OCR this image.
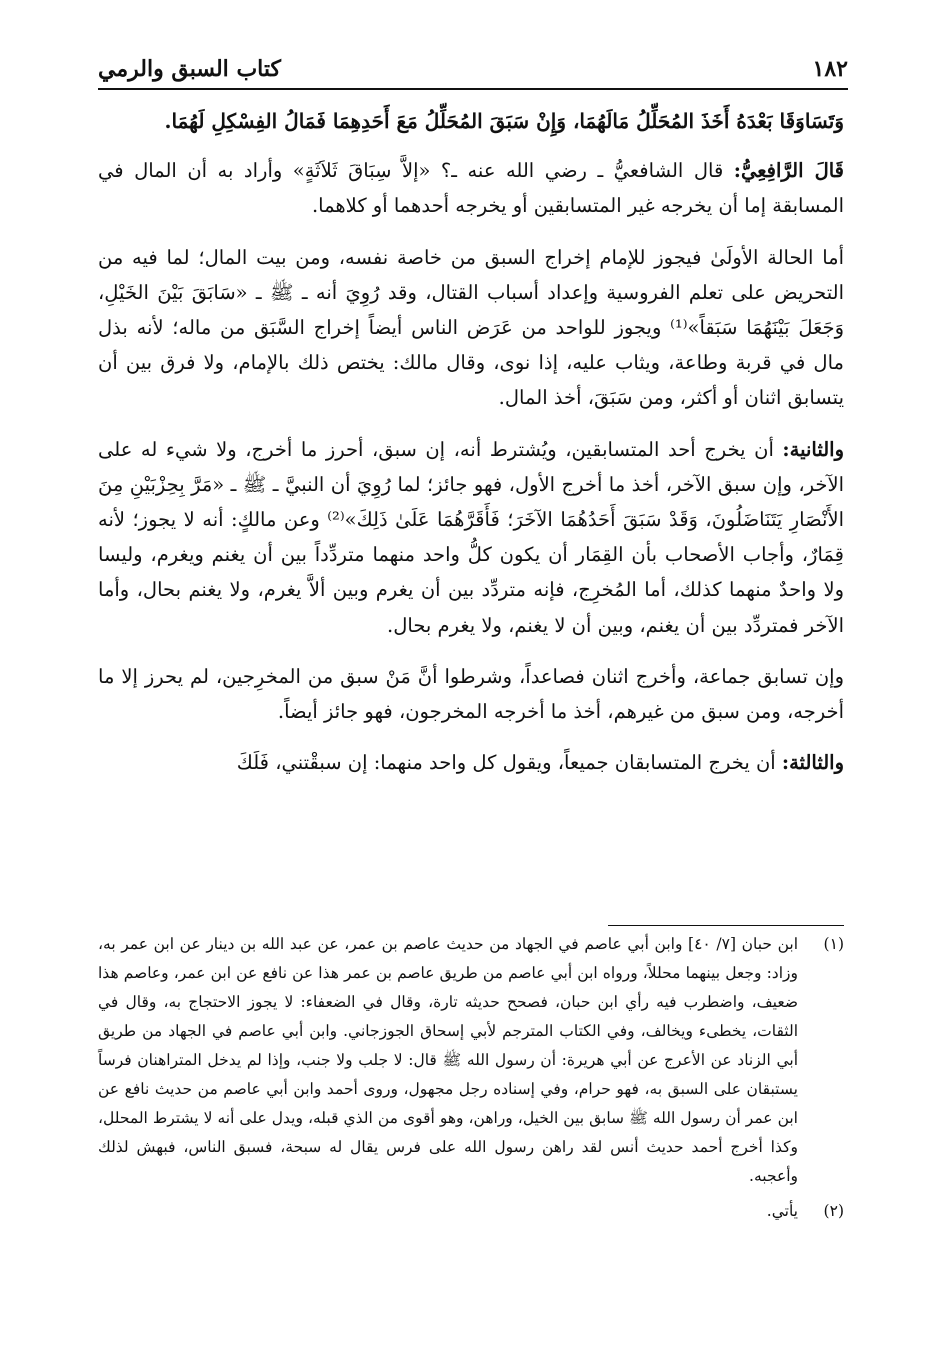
١٨٢
كتاب السبق والرمي

وَتَسَاوَقَا بَعْدَهُ أَخَذَ المُحَلِّلُ مَالَهُمَا، وَإِنْ سَبَقَ المُحَلِّلُ مَعَ أَحَدِهِمَا فَمَالُ الفِسْكِلِ لَهُمَا.

قَالَ الرَّافِعِيُّ: قال الشافعيُّ ـ رضي الله عنه ـ؟ «إلاَّ سِبَاقَ ثَلاَثَةٍ» وأراد به أن المال في المسابقة إما أن يخرجه غير المتسابقين أو يخرجه أحدهما أو كلاهما.

أما الحالة الأولَىٰ فيجوز للإمام إخراج السبق من خاصة نفسه، ومن بيت المال؛ لما فيه من التحريض على تعلم الفروسية وإعداد أسباب القتال، وقد رُوِيَ أنه ـ ﷺ ـ «سَابَقَ بَيْنَ الخَيْلِ، وَجَعَلَ بَيْنَهُمَا سَبَقاً»⁽¹⁾ ويجوز للواحد من عَرَض الناس أيضاً إخراج السَّبَق من ماله؛ لأنه بذل مال في قربة وطاعة، ويثاب عليه، إذا نوى، وقال مالك: يختص ذلك بالإمام، ولا فرق بين أن يتسابق اثنان أو أكثر، ومن سَبَقَ، أخذ المال.

والثانية: أن يخرج أحد المتسابقين، ويُشترط أنه، إن سبق، أحرز ما أخرج، ولا شيء له على الآخر، وإن سبق الآخر، أخذ ما أخرج الأول، فهو جائز؛ لما رُوِيَ أن النبيَّ ـ ﷺ ـ «مَرَّ بِحِزْبَيْنِ مِنَ الأَنْصَارِ يَتَنَاضَلُونَ، وَقَدْ سَبَقَ أَحَدُهُمَا الآخَرَ؛ فَأَقَرَّهُمَا عَلَىٰ ذَلِكَ»⁽²⁾ وعن مالكٍ: أنه لا يجوز؛ لأنه قِمَارٌ، وأجاب الأصحاب بأن القِمَار أن يكون كلُّ واحد منهما متردِّداً بين أن يغنم ويغرم، وليسا ولا واحدٌ منهما كذلك، أما المُخرِج، فإنه متردِّد بين أن يغرم وبين ألاَّ يغرم، ولا يغنم بحال، وأما الآخر فمتردِّد بين أن يغنم، وبين أن لا يغنم، ولا يغرم بحال.

وإن تسابق جماعة، وأخرج اثنان فصاعداً، وشرطوا أنَّ مَنْ سبق من المخرِجين، لم يحرز إلا ما أخرجه، ومن سبق من غيرهم، أخذ ما أخرجه المخرجون، فهو جائز أيضاً.

والثالثة: أن يخرج المتسابقان جميعاً، ويقول كل واحد منهما: إن سبقْتني، فَلَكَ

(١)
ابن حبان [٧/ ٤٠] وابن أبي عاصم في الجهاد من حديث عاصم بن عمر، عن عبد الله بن دينار عن ابن عمر به، وزاد: وجعل بينهما محللاً، ورواه ابن أبي عاصم من طريق عاصم بن عمر هذا عن نافع عن ابن عمر، وعاصم هذا ضعيف، واضطرب فيه رأي ابن حبان، فصحح حديثه تارة، وقال في الضعفاء: لا يجوز الاحتجاج به، وقال في الثقات، يخطىء ويخالف، وفي الكتاب المترجم لأبي إسحاق الجوزجاني. وابن أبي عاصم في الجهاد من طريق أبي الزناد عن الأعرج عن أبي هريرة: أن رسول الله ﷺ قال: لا جلب ولا جنب، وإذا لم يدخل المتراهنان فرساً يستبقان على السبق به، فهو حرام، وفي إسناده رجل مجهول، وروى أحمد وابن أبي عاصم من حديث نافع عن ابن عمر أن رسول الله ﷺ سابق بين الخيل، وراهن، وهو أقوى من الذي قبله، ويدل على أنه لا يشترط المحلل، وكذا أخرج أحمد حديث أنس لقد راهن رسول الله على فرس يقال له سبحة، فسبق الناس، فبهش لذلك وأعجبه.
(٢)
يأتي.
